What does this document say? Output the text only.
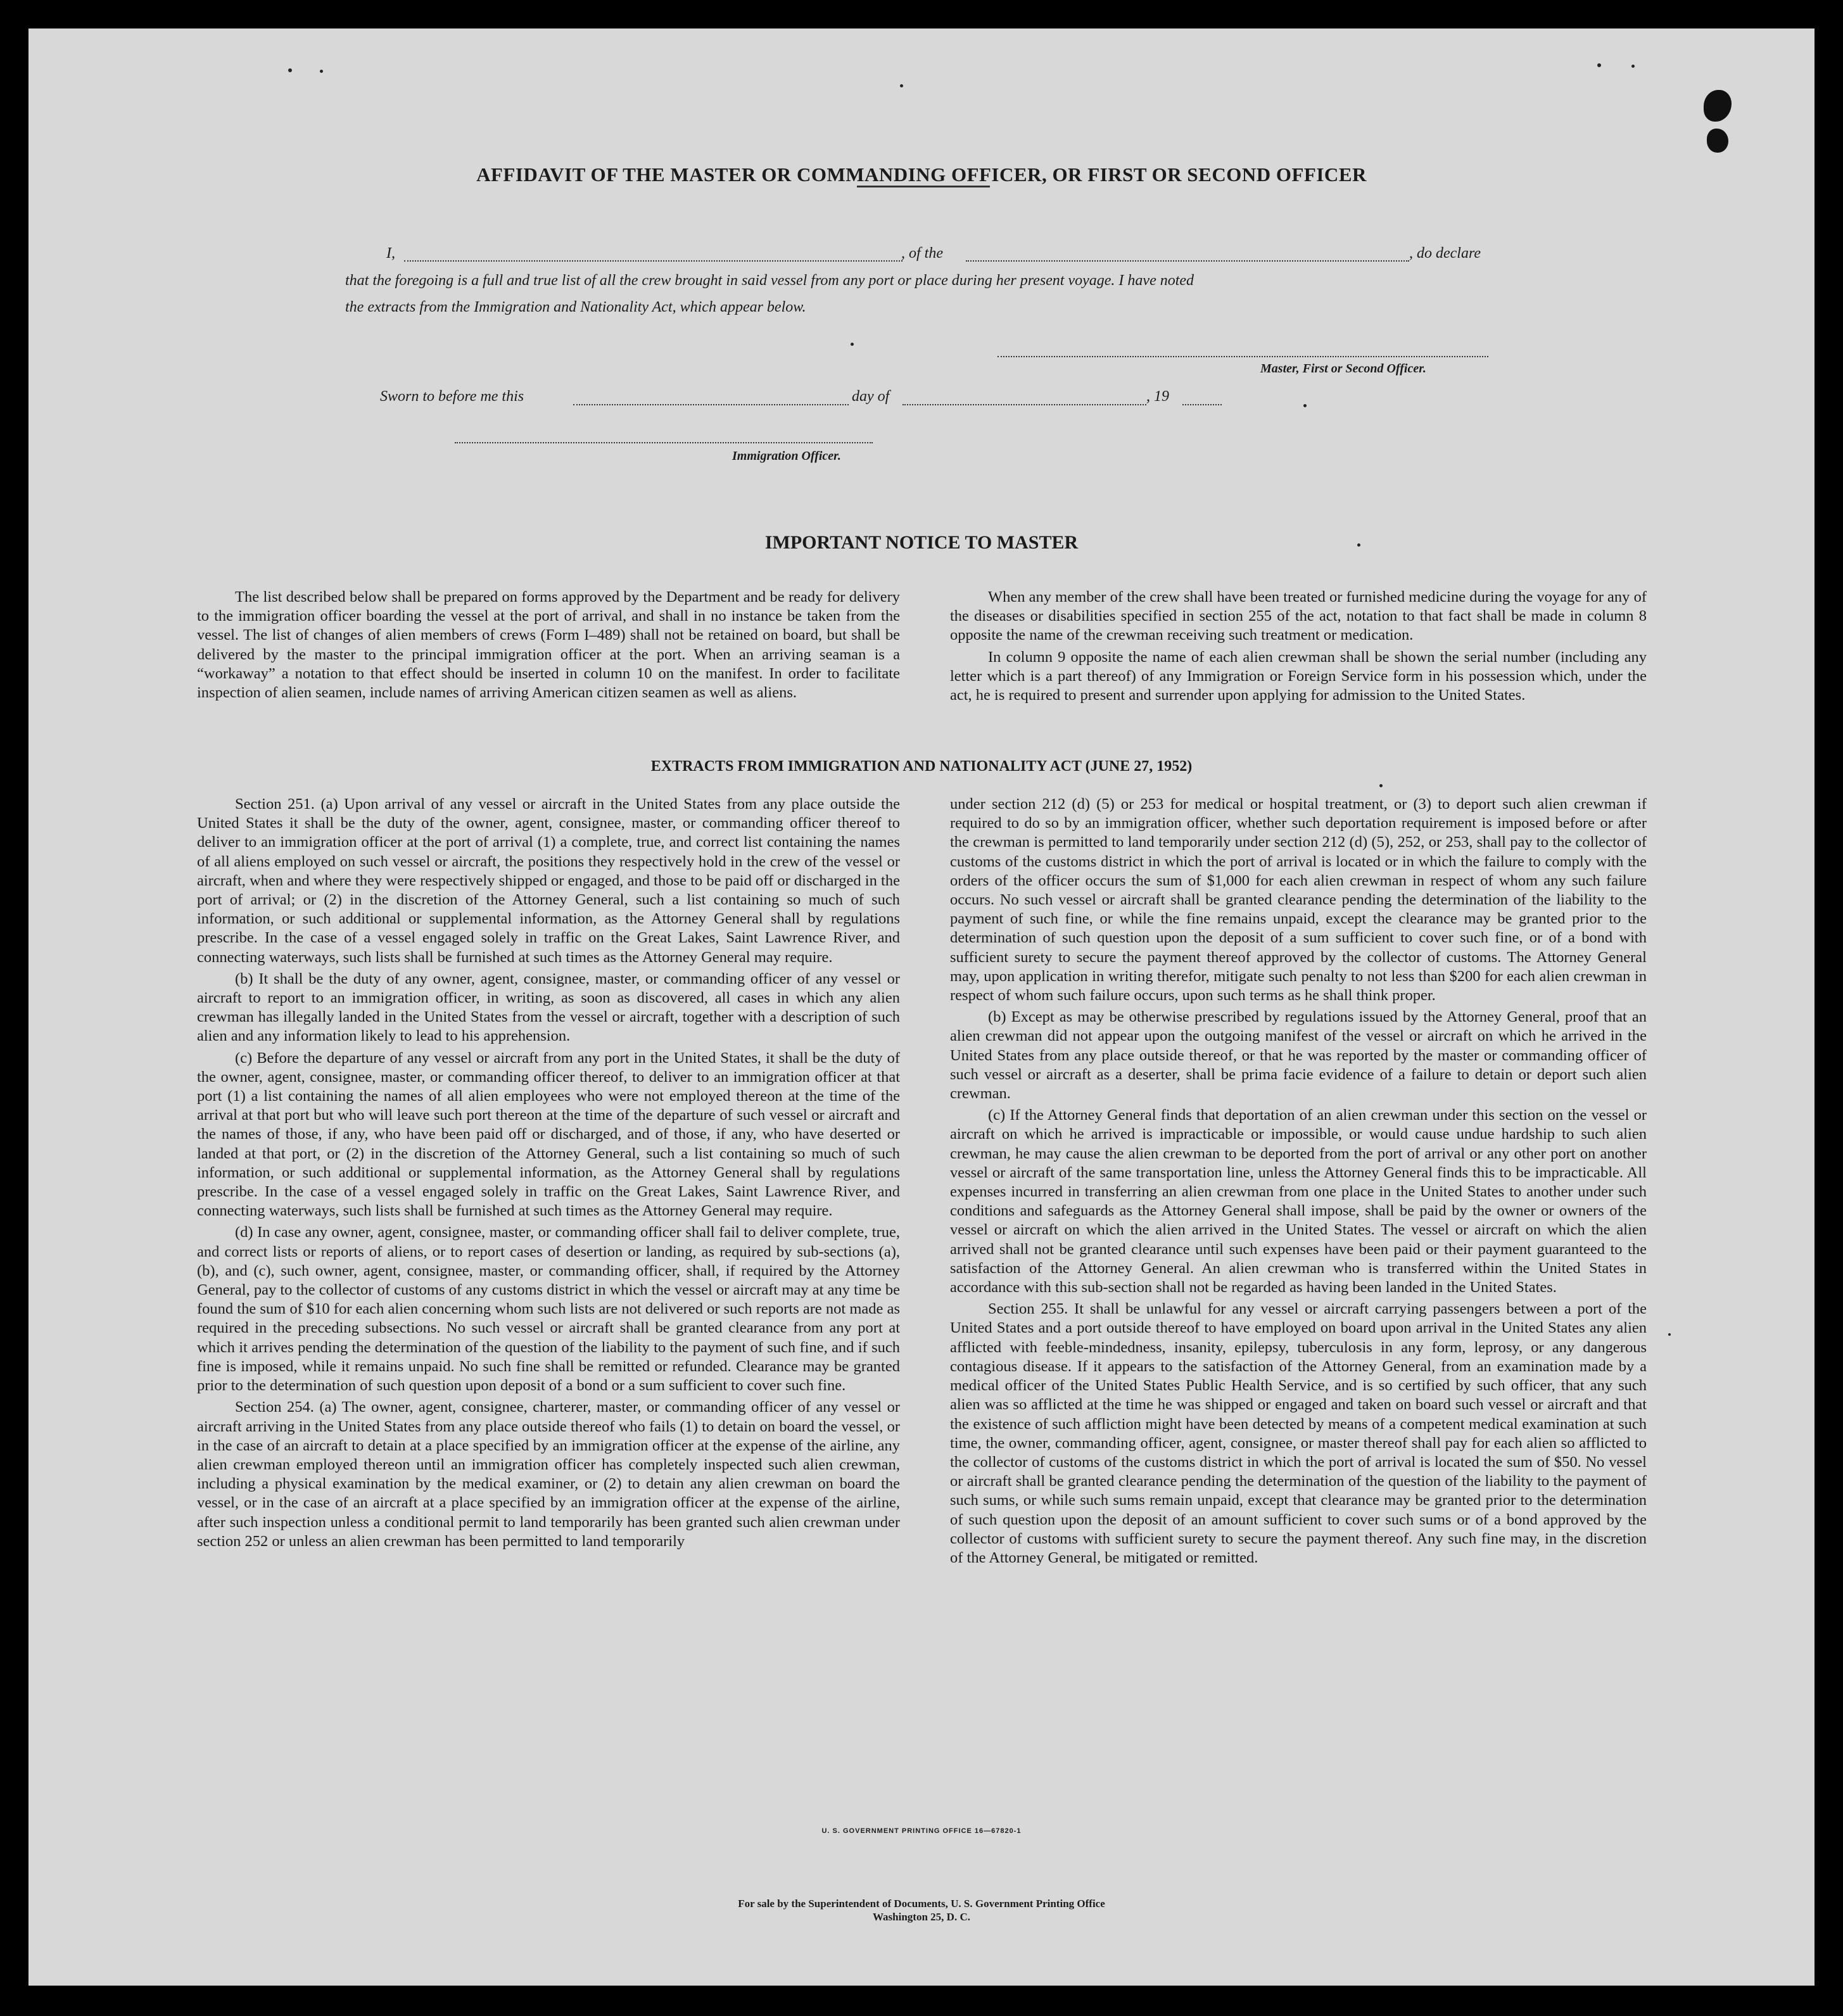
AFFIDAVIT OF THE MASTER OR COMMANDING OFFICER, OR FIRST OR SECOND OFFICER
I,	, of the	, do declare
that the foregoing is a full and true list of all the crew brought in said vessel from any port or place during her present voyage. I have noted
the extracts from the Immigration and Nationality Act, which appear below.
Master, First or Second Officer.
Sworn to before me this	day of	, 19
Immigration Officer.
IMPORTANT NOTICE TO MASTER

The list described below shall be prepared on forms approved by the Department and be ready for delivery to the immigration officer boarding the vessel at the port of arrival, and shall in no instance be taken from the vessel. The list of changes of alien members of crews (Form I–489) shall not be retained on board, but shall be delivered by the master to the principal immigration officer at the port. When an arriving seaman is a “workaway” a notation to that effect should be inserted in column 10 on the manifest. In order to facilitate inspection of alien seamen, include names of arriving American citizen seamen as well as aliens.

When any member of the crew shall have been treated or furnished medicine during the voyage for any of the diseases or disabilities specified in section 255 of the act, notation to that fact shall be made in column 8 opposite the name of the crewman receiving such treatment or medication.

In column 9 opposite the name of each alien crewman shall be shown the serial number (including any letter which is a part thereof) of any Immigration or Foreign Service form in his possession which, under the act, he is required to present and surrender upon applying for admission to the United States.

EXTRACTS FROM IMMIGRATION AND NATIONALITY ACT (JUNE 27, 1952)

Section 251. (a) Upon arrival of any vessel or aircraft in the United States from any place outside the United States it shall be the duty of the owner, agent, consignee, master, or commanding officer thereof to deliver to an immigration officer at the port of arrival (1) a complete, true, and correct list containing the names of all aliens employed on such vessel or aircraft, the positions they respectively hold in the crew of the vessel or aircraft, when and where they were respectively shipped or engaged, and those to be paid off or discharged in the port of arrival; or (2) in the discretion of the Attorney General, such a list containing so much of such information, or such additional or supplemental information, as the Attorney General shall by regulations prescribe. In the case of a vessel engaged solely in traffic on the Great Lakes, Saint Lawrence River, and connecting waterways, such lists shall be furnished at such times as the Attorney General may require.

(b) It shall be the duty of any owner, agent, consignee, master, or commanding officer of any vessel or aircraft to report to an immigration officer, in writing, as soon as discovered, all cases in which any alien crewman has illegally landed in the United States from the vessel or aircraft, together with a description of such alien and any information likely to lead to his apprehension.

(c) Before the departure of any vessel or aircraft from any port in the United States, it shall be the duty of the owner, agent, consignee, master, or commanding officer thereof, to deliver to an immigration officer at that port (1) a list containing the names of all alien employees who were not employed thereon at the time of the arrival at that port but who will leave such port thereon at the time of the departure of such vessel or aircraft and the names of those, if any, who have been paid off or discharged, and of those, if any, who have deserted or landed at that port, or (2) in the discretion of the Attorney General, such a list containing so much of such information, or such additional or supplemental information, as the Attorney General shall by regulations prescribe. In the case of a vessel engaged solely in traffic on the Great Lakes, Saint Lawrence River, and connecting waterways, such lists shall be furnished at such times as the Attorney General may require.

(d) In case any owner, agent, consignee, master, or commanding officer shall fail to deliver complete, true, and correct lists or reports of aliens, or to report cases of desertion or landing, as required by sub-sections (a), (b), and (c), such owner, agent, consignee, master, or commanding officer, shall, if required by the Attorney General, pay to the collector of customs of any customs district in which the vessel or aircraft may at any time be found the sum of $10 for each alien concerning whom such lists are not delivered or such reports are not made as required in the preceding subsections. No such vessel or aircraft shall be granted clearance from any port at which it arrives pending the determination of the question of the liability to the payment of such fine, and if such fine is imposed, while it remains unpaid. No such fine shall be remitted or refunded. Clearance may be granted prior to the determination of such question upon deposit of a bond or a sum sufficient to cover such fine.

Section 254. (a) The owner, agent, consignee, charterer, master, or commanding officer of any vessel or aircraft arriving in the United States from any place outside thereof who fails (1) to detain on board the vessel, or in the case of an aircraft to detain at a place specified by an immigration officer at the expense of the airline, any alien crewman employed thereon until an immigration officer has completely inspected such alien crewman, including a physical examination by the medical examiner, or (2) to detain any alien crewman on board the vessel, or in the case of an aircraft at a place specified by an immigration officer at the expense of the airline, after such inspection unless a conditional permit to land temporarily has been granted such alien crewman under section 252 or unless an alien crewman has been permitted to land temporarily

under section 212 (d) (5) or 253 for medical or hospital treatment, or (3) to deport such alien crewman if required to do so by an immigration officer, whether such deportation requirement is imposed before or after the crewman is permitted to land temporarily under section 212 (d) (5), 252, or 253, shall pay to the collector of customs of the customs district in which the port of arrival is located or in which the failure to comply with the orders of the officer occurs the sum of $1,000 for each alien crewman in respect of whom any such failure occurs. No such vessel or aircraft shall be granted clearance pending the determination of the liability to the payment of such fine, or while the fine remains unpaid, except the clearance may be granted prior to the determination of such question upon the deposit of a sum sufficient to cover such fine, or of a bond with sufficient surety to secure the payment thereof approved by the collector of customs. The Attorney General may, upon application in writing therefor, mitigate such penalty to not less than $200 for each alien crewman in respect of whom such failure occurs, upon such terms as he shall think proper.

(b) Except as may be otherwise prescribed by regulations issued by the Attorney General, proof that an alien crewman did not appear upon the outgoing manifest of the vessel or aircraft on which he arrived in the United States from any place outside thereof, or that he was reported by the master or commanding officer of such vessel or aircraft as a deserter, shall be prima facie evidence of a failure to detain or deport such alien crewman.

(c) If the Attorney General finds that deportation of an alien crewman under this section on the vessel or aircraft on which he arrived is impracticable or impossible, or would cause undue hardship to such alien crewman, he may cause the alien crewman to be deported from the port of arrival or any other port on another vessel or aircraft of the same transportation line, unless the Attorney General finds this to be impracticable. All expenses incurred in transferring an alien crewman from one place in the United States to another under such conditions and safeguards as the Attorney General shall impose, shall be paid by the owner or owners of the vessel or aircraft on which the alien arrived in the United States. The vessel or aircraft on which the alien arrived shall not be granted clearance until such expenses have been paid or their payment guaranteed to the satisfaction of the Attorney General. An alien crewman who is transferred within the United States in accordance with this sub-section shall not be regarded as having been landed in the United States.

Section 255. It shall be unlawful for any vessel or aircraft carrying passengers between a port of the United States and a port outside thereof to have employed on board upon arrival in the United States any alien afflicted with feeble-mindedness, insanity, epilepsy, tuberculosis in any form, leprosy, or any dangerous contagious disease. If it appears to the satisfaction of the Attorney General, from an examination made by a medical officer of the United States Public Health Service, and is so certified by such officer, that any such alien was so afflicted at the time he was shipped or engaged and taken on board such vessel or aircraft and that the existence of such affliction might have been detected by means of a competent medical examination at such time, the owner, commanding officer, agent, consignee, or master thereof shall pay for each alien so afflicted to the collector of customs of the customs district in which the port of arrival is located the sum of $50. No vessel or aircraft shall be granted clearance pending the determination of the question of the liability to the payment of such sums, or while such sums remain unpaid, except that clearance may be granted prior to the determination of such question upon the deposit of an amount sufficient to cover such sums or of a bond approved by the collector of customs with sufficient surety to secure the payment thereof. Any such fine may, in the discretion of the Attorney General, be mitigated or remitted.

U. S. GOVERNMENT PRINTING OFFICE 16—67820-1
For sale by the Superintendent of Documents, U. S. Government Printing Office
Washington 25, D. C.
